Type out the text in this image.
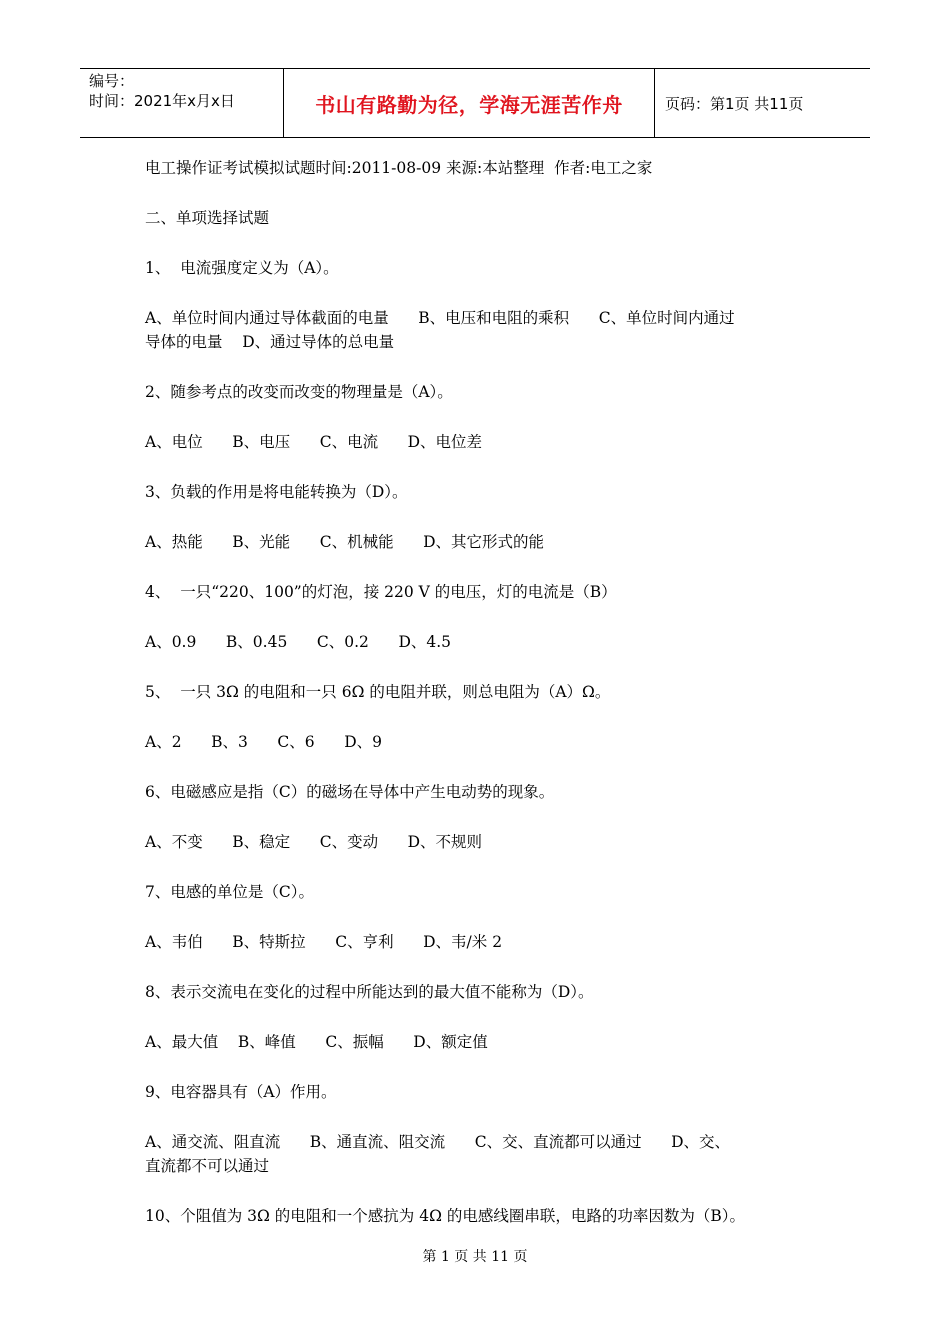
编号：
时间：2021年x月x日	书山有路勤为径，学海无涯苦作舟	页码：第1页 共11页

电工操作证考试模拟试题时间:2011-08-09 来源:本站整理  作者:电工之家

二、单项选择试题

1、  电流强度定义为（A）。

A、单位时间内通过导体截面的电量      B、电压和电阻的乘积      C、单位时间内通过

导体的电量    D、通过导体的总电量

2、随参考点的改变而改变的物理量是（A）。

A、电位      B、电压      C、电流      D、电位差

3、负载的作用是将电能转换为（D）。

A、热能      B、光能      C、机械能      D、其它形式的能

4、  一只“220、100”的灯泡，接 220 V 的电压，灯的电流是（B）

A、0.9      B、0.45      C、0.2      D、4.5

5、  一只 3Ω 的电阻和一只 6Ω 的电阻并联，则总电阻为（A）Ω。

A、2      B、3      C、6      D、9

6、电磁感应是指（C）的磁场在导体中产生电动势的现象。

A、不变      B、稳定      C、变动      D、不规则

7、电感的单位是（C）。

A、韦伯      B、特斯拉      C、亨利      D、韦/米 2

8、表示交流电在变化的过程中所能达到的最大值不能称为（D）。

A、最大值    B、峰值      C、振幅      D、额定值

9、电容器具有（A）作用。

A、通交流、阻直流      B、通直流、阻交流      C、交、直流都可以通过      D、交、

直流都不可以通过

10、个阻值为 3Ω 的电阻和一个感抗为 4Ω 的电感线圈串联，电路的功率因数为（B）。

第 1 页 共 11 页
